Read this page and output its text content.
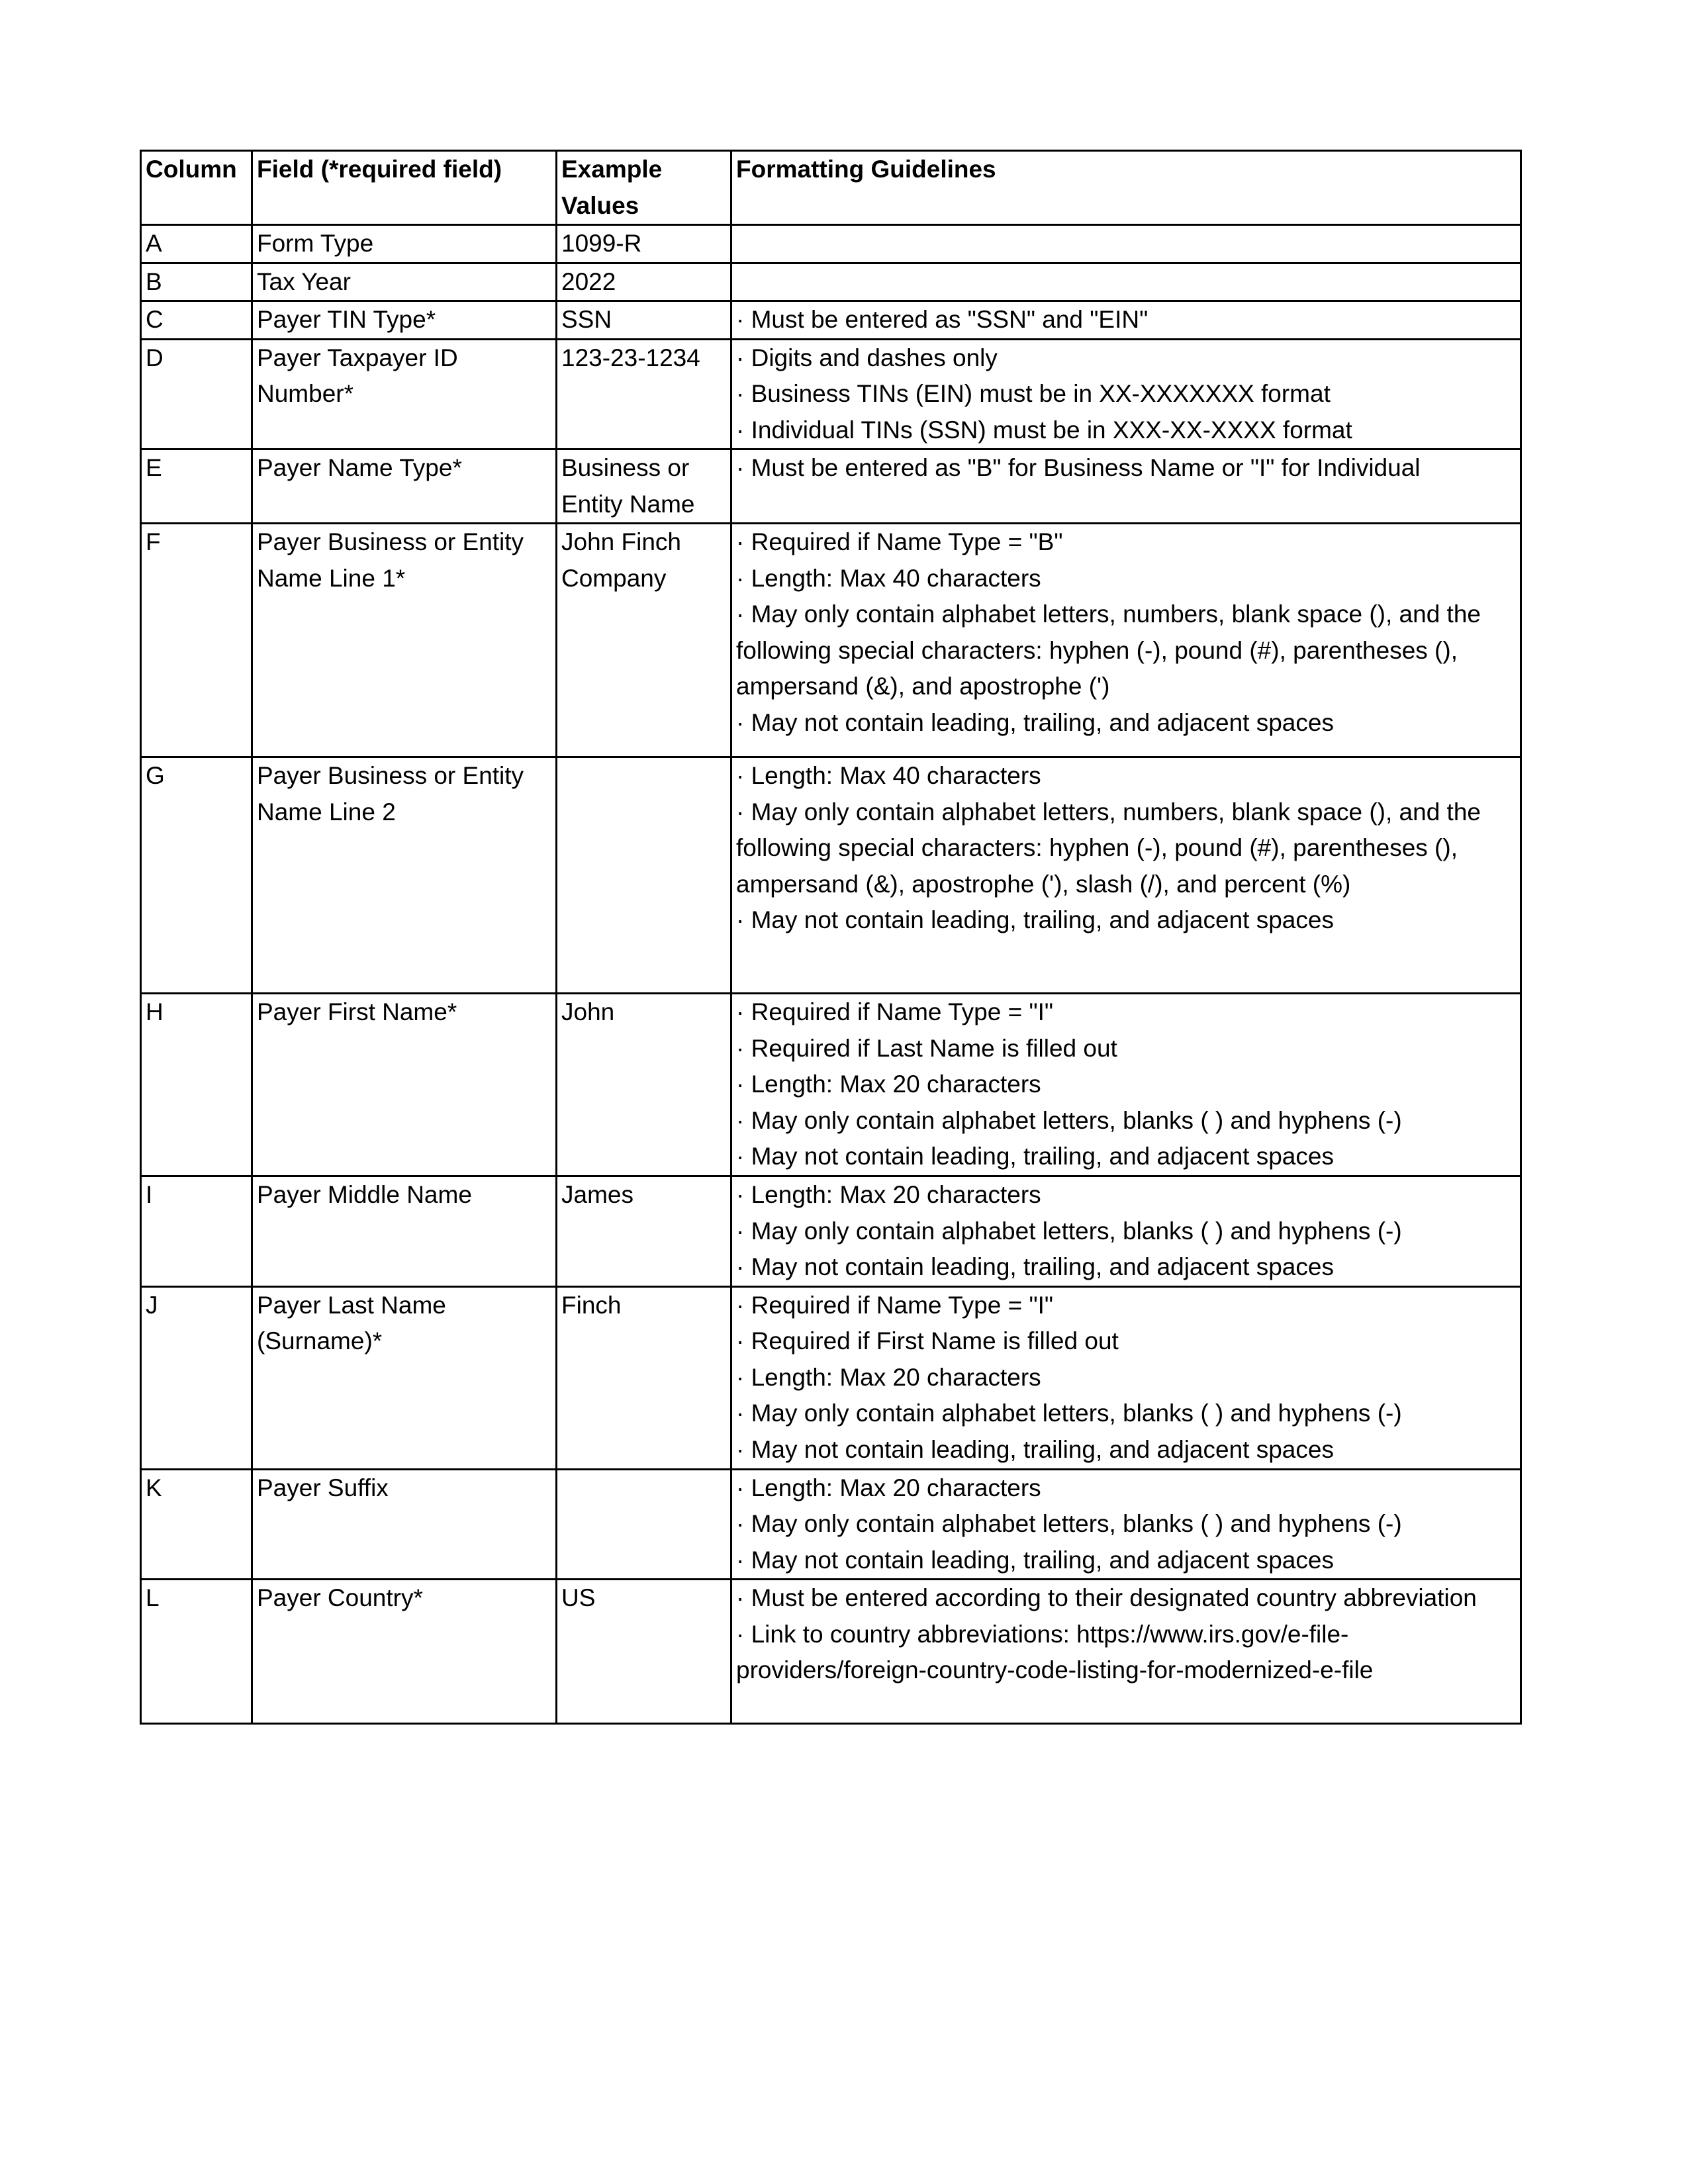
Column	Field (*required field)	Example Values	Formatting Guidelines
A	Form Type	1099-R	
B	Tax Year	2022	
C	Payer TIN Type*	SSN	· Must be entered as "SSN" and "EIN"

D	Payer Taxpayer ID Number*	123-23-1234	· Digits and dashes only
· Business TINs (EIN) must be in XX-XXXXXXX format
· Individual TINs (SSN) must be in XXX-XX-XXXX format

E	Payer Name Type*	Business or Entity Name	· Must be entered as "B" for Business Name or "I" for Individual

F	Payer Business or Entity Name Line 1*	John Finch Company	· Required if Name Type = "B"
· Length: Max 40 characters
· May only contain alphabet letters, numbers, blank space (), and the following special characters: hyphen (-), pound (#), parentheses (), ampersand (&), and apostrophe (')
· May not contain leading, trailing, and adjacent spaces

G	Payer Business or Entity Name Line 2		· Length: Max 40 characters
· May only contain alphabet letters, numbers, blank space (), and the following special characters: hyphen (-), pound (#), parentheses (), ampersand (&), apostrophe ('), slash (/), and percent (%)
· May not contain leading, trailing, and adjacent spaces

H	Payer First Name*	John	· Required if Name Type = "I"
· Required if Last Name is filled out
· Length: Max 20 characters
· May only contain alphabet letters, blanks ( ) and hyphens (-)
· May not contain leading, trailing, and adjacent spaces

I	Payer Middle Name	James	· Length: Max 20 characters
· May only contain alphabet letters, blanks ( ) and hyphens (-)
· May not contain leading, trailing, and adjacent spaces

J	Payer Last Name (Surname)*	Finch	· Required if Name Type = "I"
· Required if First Name is filled out
· Length: Max 20 characters
· May only contain alphabet letters, blanks ( ) and hyphens (-)
· May not contain leading, trailing, and adjacent spaces

K	Payer Suffix		· Length: Max 20 characters
· May only contain alphabet letters, blanks ( ) and hyphens (-)
· May not contain leading, trailing, and adjacent spaces

L	Payer Country*	US	· Must be entered according to their designated country abbreviation
· Link to country abbreviations: https://www.irs.gov/e-file-providers/foreign-country-code-listing-for-modernized-e-file
